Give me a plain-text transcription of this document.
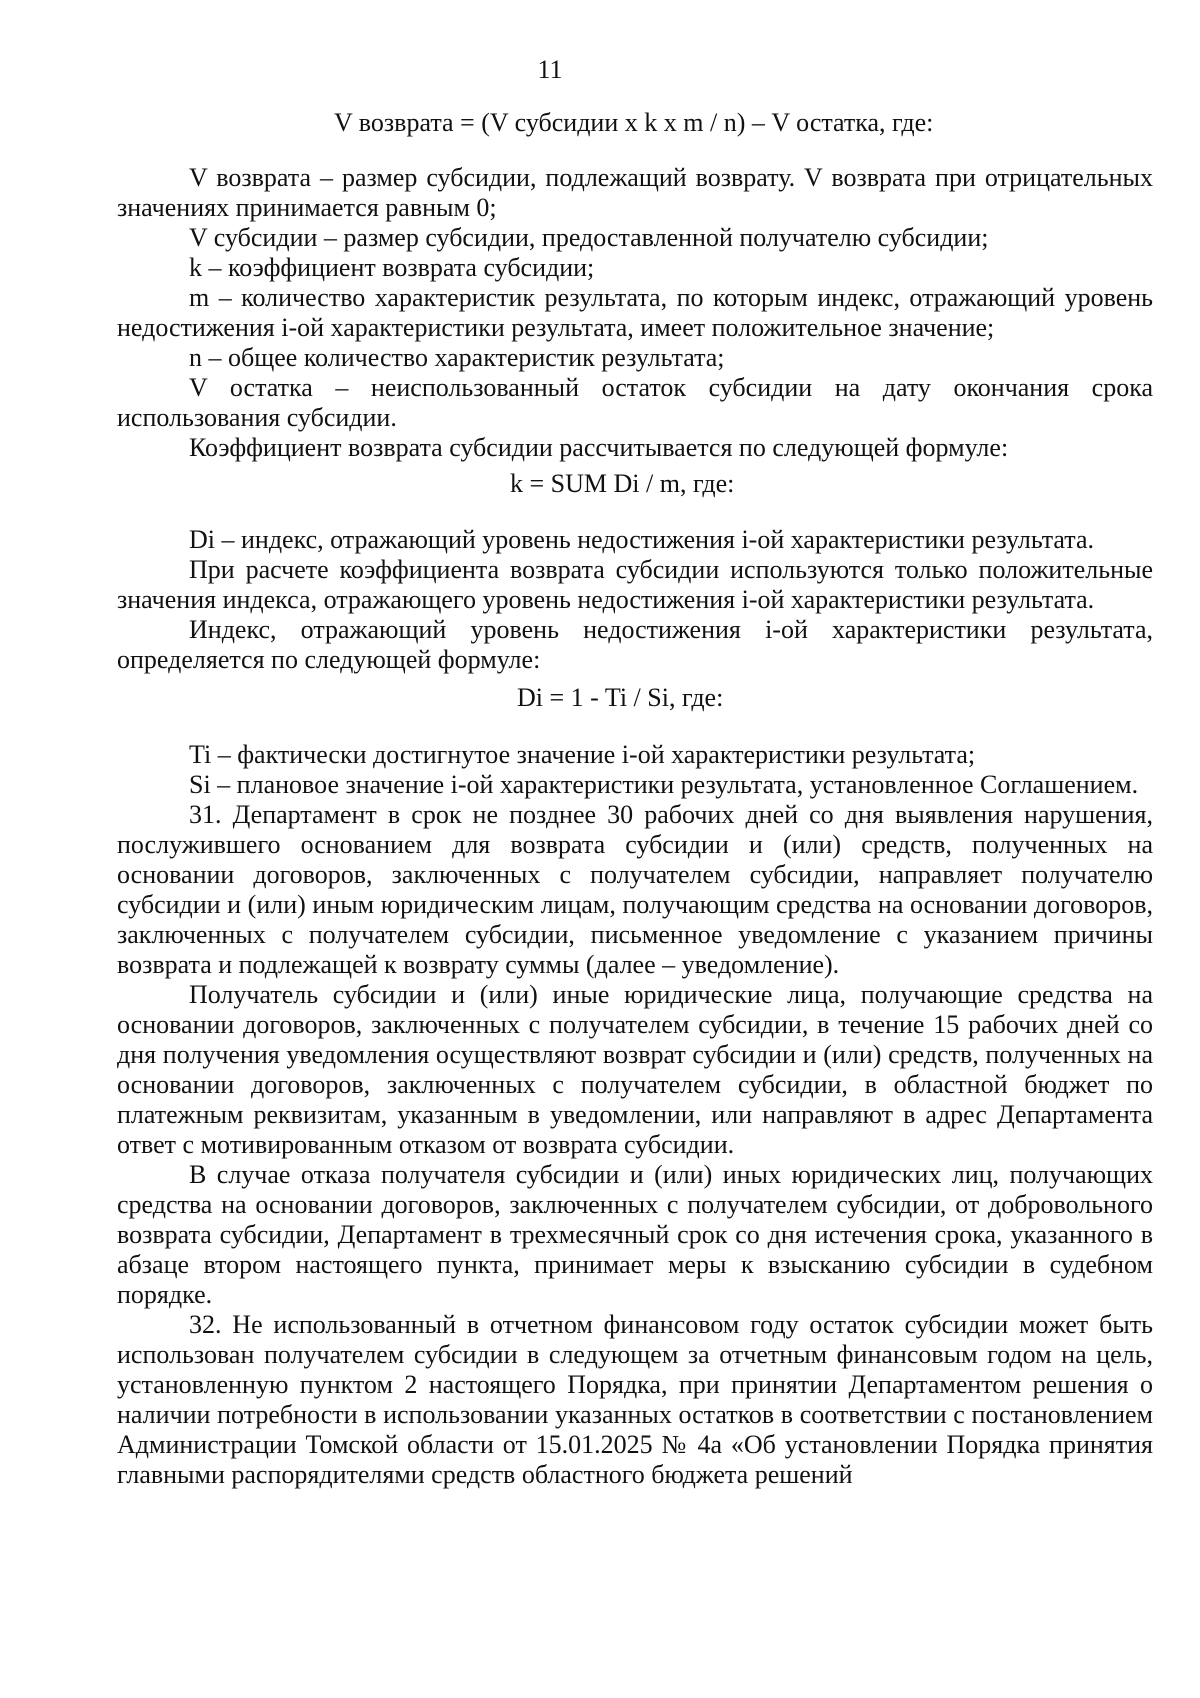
11
V возврата = (V субсидии x k x m / n) – V остатка, где:

V возврата – размер субсидии, подлежащий возврату. V возврата при отрицательных значениях принимается равным 0;

V субсидии – размер субсидии, предоставленной получателю субсидии;

k – коэффициент возврата субсидии;

m – количество характеристик результата, по которым индекс, отражающий уровень недостижения i-ой характеристики результата, имеет положительное значение;

n – общее количество характеристик результата;

V остатка – неиспользованный остаток субсидии на дату окончания срока использования субсидии.

Коэффициент возврата субсидии рассчитывается по следующей формуле:

k = SUM Di / m, где:

Di – индекс, отражающий уровень недостижения i-ой характеристики результата.

При расчете коэффициента возврата субсидии используются только положительные значения индекса, отражающего уровень недостижения i-ой характеристики результата.

Индекс, отражающий уровень недостижения i-ой характеристики результата, определяется по следующей формуле:

Di = 1 - Ti / Si, где:

Ti – фактически достигнутое значение i-ой характеристики результата;

Si – плановое значение i-ой характеристики результата, установленное Соглашением.

31. Департамент в срок не позднее 30 рабочих дней со дня выявления нарушения, послужившего основанием для возврата субсидии и (или) средств, полученных на основании договоров, заключенных с получателем субсидии, направляет получателю субсидии и (или) иным юридическим лицам, получающим средства на основании договоров, заключенных с получателем субсидии, письменное уведомление с указанием причины возврата и подлежащей к возврату суммы (далее – уведомление).

Получатель субсидии и (или) иные юридические лица, получающие средства на основании договоров, заключенных с получателем субсидии, в течение 15 рабочих дней со дня получения уведомления осуществляют возврат субсидии и (или) средств, полученных на основании договоров, заключенных с получателем субсидии, в областной бюджет по платежным реквизитам, указанным в уведомлении, или направляют в адрес Департамента ответ с мотивированным отказом от возврата субсидии.

В случае отказа получателя субсидии и (или) иных юридических лиц, получающих средства на основании договоров, заключенных с получателем субсидии, от добровольного возврата субсидии, Департамент в трехмесячный срок со дня истечения срока, указанного в абзаце втором настоящего пункта, принимает меры к взысканию субсидии в судебном порядке.

32. Не использованный в отчетном финансовом году остаток субсидии может быть использован получателем субсидии в следующем за отчетным финансовым годом на цель, установленную пунктом 2 настоящего Порядка, при принятии Департаментом решения о наличии потребности в использовании указанных остатков в соответствии с постановлением Администрации Томской области от 15.01.2025 № 4а «Об установлении Порядка принятия главными распорядителями средств областного бюджета решений
